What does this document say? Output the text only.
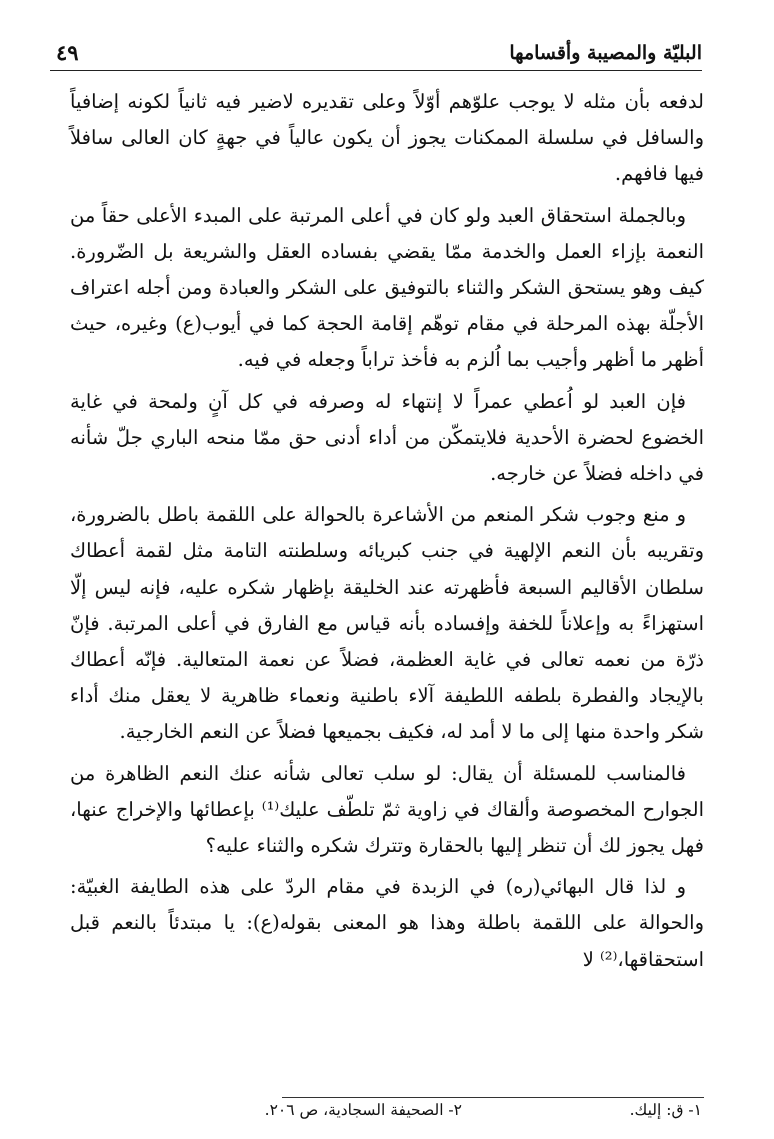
البليّة والمصيبة وأقسامها
٤٩

لدفعه بأن مثله لا يوجب علوّهم أوّلاً وعلى تقديره لاضير فيه ثانياً لكونه إضافياً والسافل في سلسلة الممكنات يجوز أن يكون عالياً في جهةٍ كان العالى سافلاً فيها فافهم.

وبالجملة استحقاق العبد ولو كان في أعلى المرتبة على المبدء الأعلى حقاً من النعمة بإزاء العمل والخدمة ممّا يقضي بفساده العقل والشريعة بل الضّرورة. كيف وهو يستحق الشكر والثناء بالتوفيق على الشكر والعبادة ومن أجله اعتراف الأجلّة بهذه المرحلة في مقام توهّم إقامة الحجة كما في أيوب(ع) وغيره، حيث أظهر ما أظهر وأجيب بما اُلزم به فأخذ تراباً وجعله في فيه.

فإن العبد لو اُعطي عمراً لا إنتهاء له وصرفه في كل آنٍ ولمحة في غاية الخضوع لحضرة الأحدية فلايتمكّن من أداء أدنى حق ممّا منحه الباري جلّ شأنه في داخله فضلاً عن خارجه.

و منع وجوب شكر المنعم من الأشاعرة بالحوالة على اللقمة باطل بالضرورة، وتقريبه بأن النعم الإلهية في جنب كبريائه وسلطنته التامة مثل لقمة أعطاك سلطان الأقاليم السبعة فأظهرته عند الخليقة بإظهار شكره عليه، فإنه ليس إلّا استهزاءً به وإعلاناً للخفة وإفساده بأنه قياس مع الفارق في أعلى المرتبة. فإنّ ذرّة من نعمه تعالى في غاية العظمة، فضلاً عن نعمة المتعالية. فإنّه أعطاك بالإيجاد والفطرة بلطفه اللطيفة آلاء باطنية ونعماء ظاهرية لا يعقل منك أداء شكر واحدة منها إلى ما لا أمد له، فكيف بجميعها فضلاً عن النعم الخارجية.

فالمناسب للمسئلة أن يقال: لو سلب تعالى شأنه عنك النعم الظاهرة من الجوارح المخصوصة وألقاك في زاوية ثمّ تلطّف عليك⁽¹⁾ بإعطائها والإخراج عنها، فهل يجوز لك أن تنظر إليها بالحقارة وتترك شكره والثناء عليه؟

و لذا قال البهائي(ره) في الزبدة في مقام الردّ على هذه الطايفة الغبيّة: والحوالة على اللقمة باطلة وهذا هو المعنى بقوله(ع): يا مبتدئاً بالنعم قبل استحقاقها،⁽²⁾ لا

١- ق: إليك.
٢- الصحيفة السجادية، ص ٢٠٦.
